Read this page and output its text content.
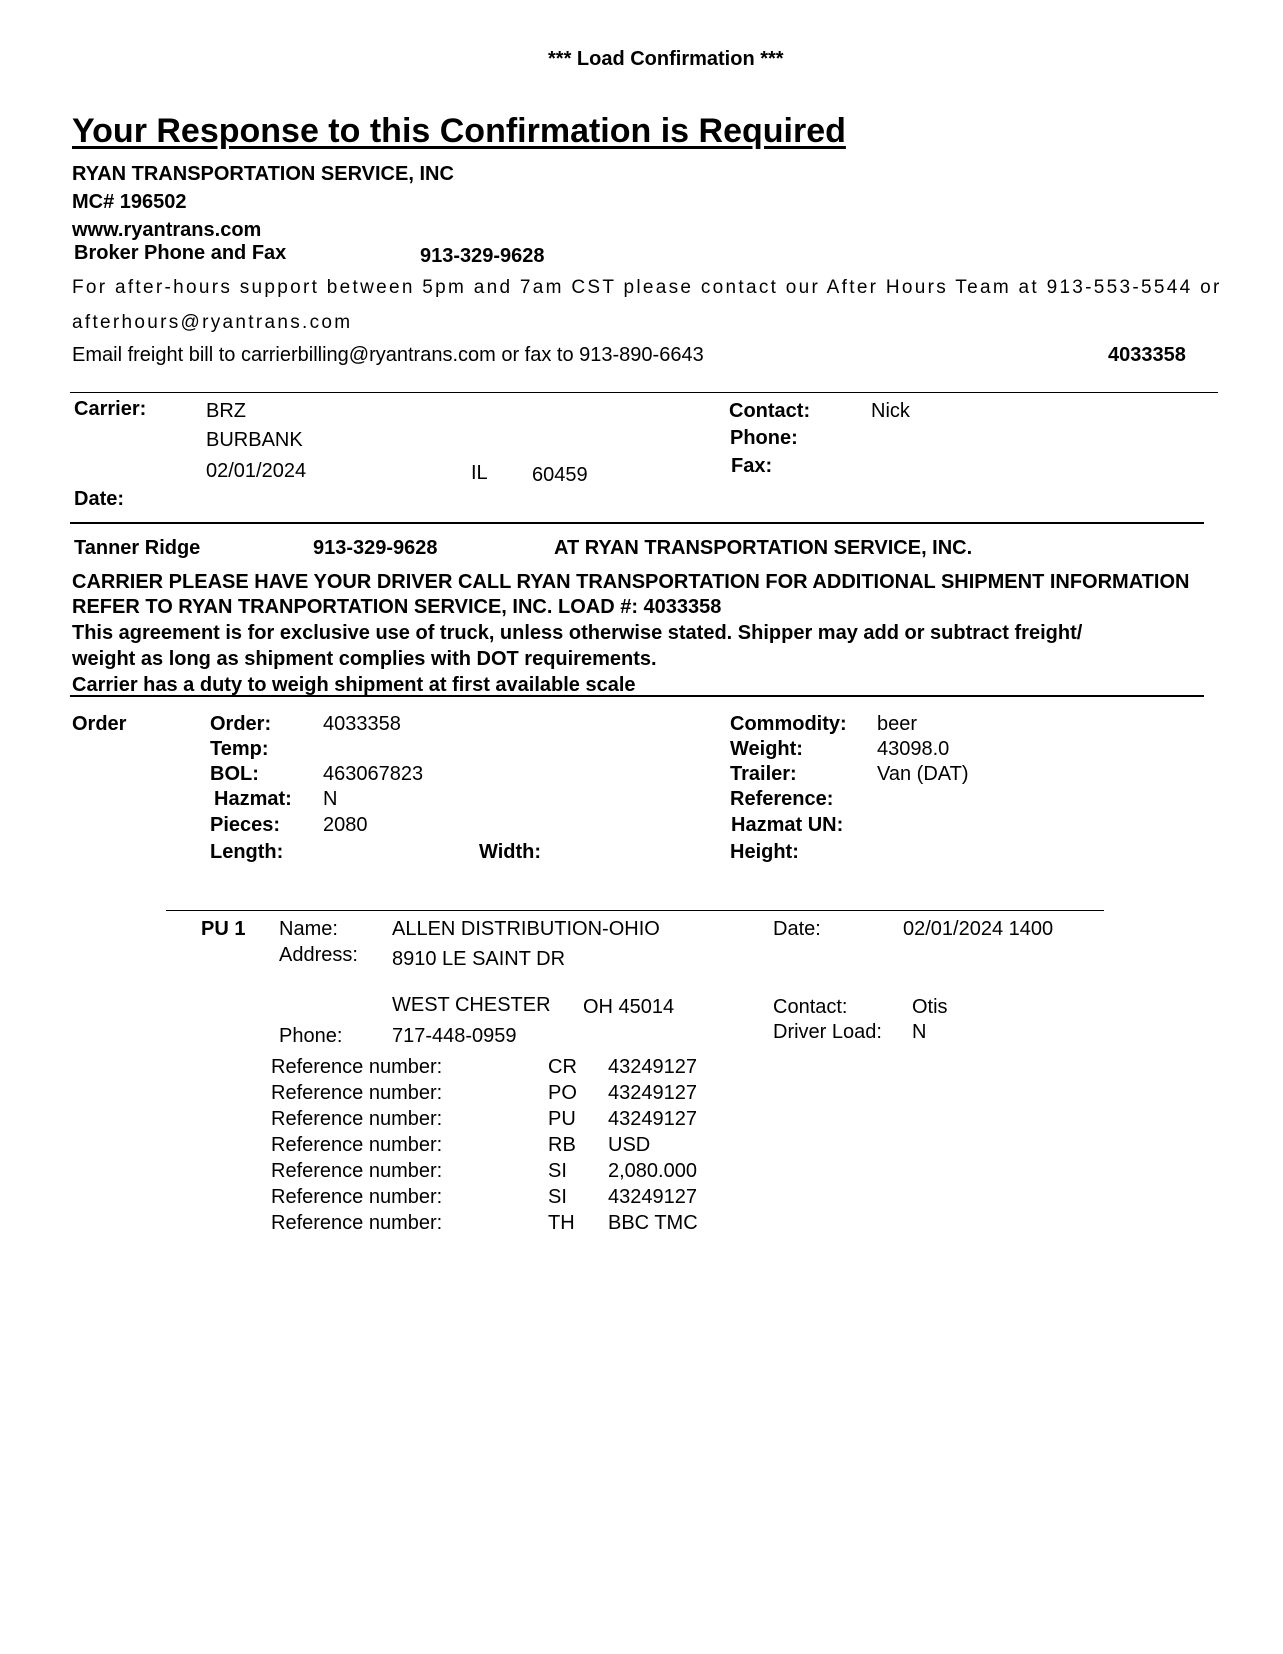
*** Load Confirmation ***
Your Response to this Confirmation is Required
RYAN TRANSPORTATION SERVICE, INC
MC# 196502
www.ryantrans.com
Broker Phone and Fax	913-329-9628
For after-hours support between 5pm and 7am CST please contact our After Hours Team at 913-553-5544 or
afterhours@ryantrans.com
Email freight bill to carrierbilling@ryantrans.com or fax to 913-890-6643	4033358
Carrier:	BRZ
BURBANK
02/01/2024	IL 60459
Date:
Contact:	Nick
Phone:
Fax:
Tanner Ridge	913-329-9628	AT RYAN TRANSPORTATION SERVICE, INC.
CARRIER PLEASE HAVE YOUR DRIVER CALL RYAN TRANSPORTATION FOR ADDITIONAL SHIPMENT INFORMATION
REFER TO RYAN TRANPORTATION SERVICE, INC. LOAD #: 4033358
This agreement is for exclusive use of truck, unless otherwise stated. Shipper may add or subtract freight/
weight as long as shipment complies with DOT requirements.
Carrier has a duty to weigh shipment at first available scale
Order	Order:	4033358
Temp:
BOL:	463067823
Hazmat: N
Pieces: 2080
Length:	Width:
Commodity: beer
Weight:	43098.0
Trailer:	Van (DAT)
Reference:
Hazmat UN:
Height:
PU 1 Name:	ALLEN DISTRIBUTION-OHIO
Address: 8910 LE SAINT DR
WEST CHESTER OH 45014
Phone: 717-448-0959
Date:	02/01/2024 1400
Contact:	Otis
Driver Load: N
Reference number:	CR 43249127
Reference number:	PO 43249127
Reference number:	PU 43249127
Reference number:	RB USD
Reference number:	SI 2,080.000
Reference number:	SI 43249127
Reference number:	TH BBC TMC
